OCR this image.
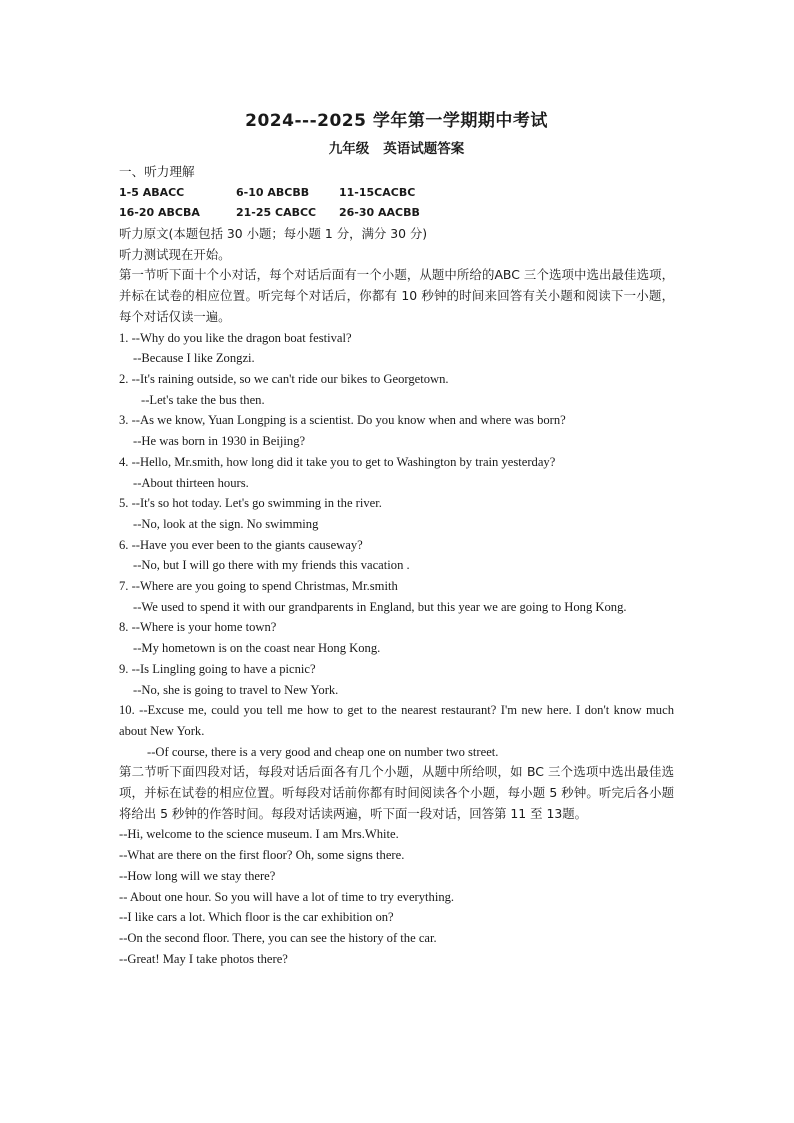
2024---2025 学年第一学期期中考试
九年级 英语试题答案
一、听力理解
1-5 ABACC	6-10 ABCBB	11-15CACBC
16-20 ABCBA	21-25 CABCC 26-30 AACBB
听力原文(本题包括 30 小题；每小题 1 分，满分 30 分)
听力测试现在开始。
第一节听下面十个小对话，每个对话后面有一个小题，从题中所给的ABC 三个选项中选出最佳选项，并标在试卷的相应位置。听完每个对话后，你都有 10 秒钟的时间来回答有关小题和阅读下一小题，每个对话仅读一遍。
1. --Why do you like the dragon boat festival?
--Because I like Zongzi.
2. --It's raining outside, so we can't ride our bikes to Georgetown.
--Let's take the bus then.
3. --As we know, Yuan Longping is a scientist. Do you know when and where was born?
--He was born in 1930 in Beijing?
4. --Hello, Mr.smith, how long did it take you to get to Washington by train yesterday?
--About thirteen hours.
5. --It's so hot today. Let's go swimming in the river.
--No, look at the sign. No swimming
6. --Have you ever been to the giants causeway?
--No, but I will go there with my friends this vacation .
7. --Where are you going to spend Christmas, Mr.smith
--We used to spend it with our grandparents in England, but this year we are going to Hong Kong.
8. --Where is your home town?
--My hometown is on the coast near Hong Kong.
9. --Is Lingling going to have a picnic?
--No, she is going to travel to New York.
10. --Excuse me, could you tell me how to get to the nearest restaurant? I'm new here. I don't know much about New York.
--Of course, there is a very good and cheap one on number two street.
第二节听下面四段对话，每段对话后面各有几个小题，从题中所给呗，如 BC 三个选项中选出最佳选项，并标在试卷的相应位置。听每段对话前你都有时间阅读各个小题，每小题 5 秒钟。听完后各小题将给出 5 秒钟的作答时间。每段对话读两遍，听下面一段对话，回答第 11 至 13题。
--Hi, welcome to the science museum. I am Mrs.White.
--What are there on the first floor? Oh, some signs there.
--How long will we stay there?
-- About one hour. So you will have a lot of time to try everything.
--I like cars a lot. Which floor is the car exhibition on?
--On the second floor. There, you can see the history of the car.
--Great! May I take photos there?
